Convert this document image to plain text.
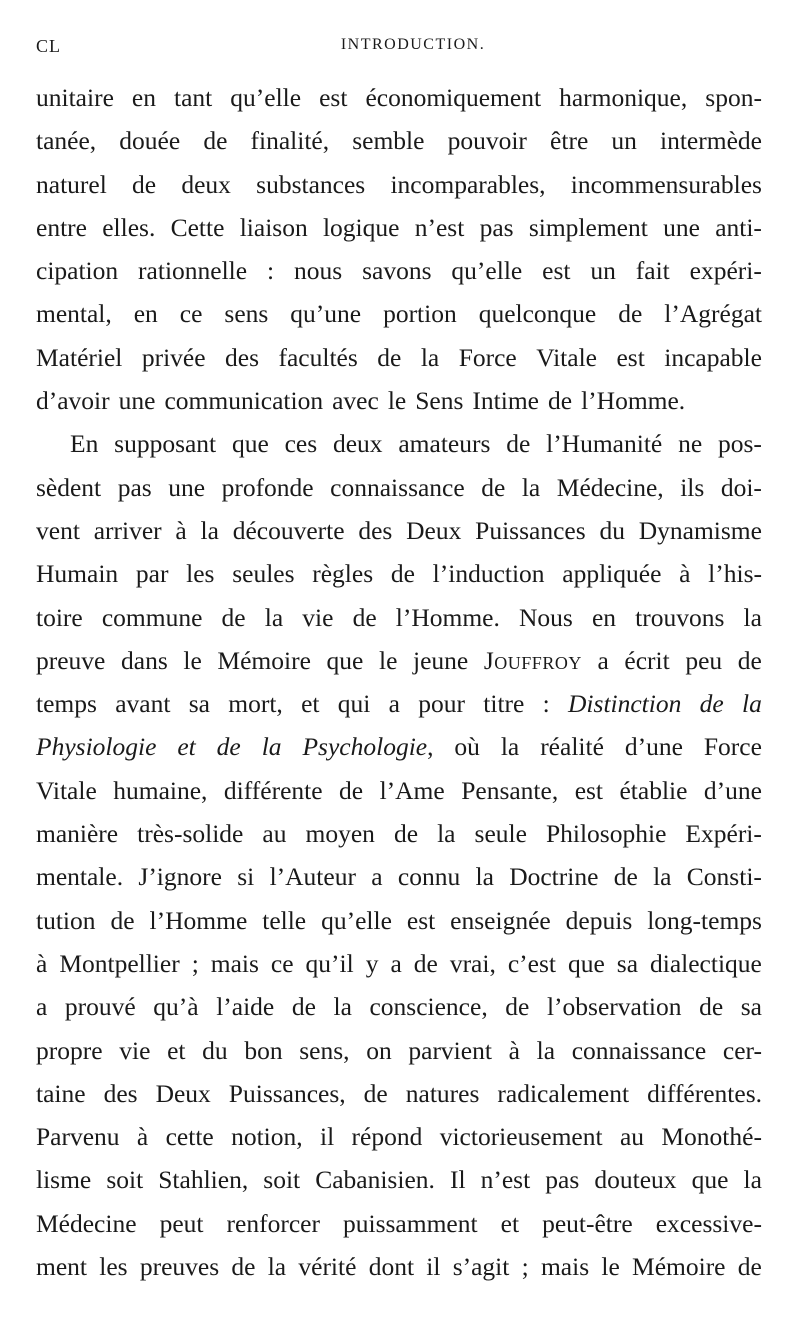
CL	INTRODUCTION.
unitaire en tant qu’elle est économiquement harmonique, spon-
tanée, douée de finalité, semble pouvoir être un intermède
naturel de deux substances incomparables, incommensurables
entre elles. Cette liaison logique n’est pas simplement une anti-
cipation rationnelle : nous savons qu’elle est un fait expéri-
mental, en ce sens qu’une portion quelconque de l’Agrégat
Matériel privée des facultés de la Force Vitale est incapable
d’avoir une communication avec le Sens Intime de l’Homme.
En supposant que ces deux amateurs de l’Humanité ne pos-
sèdent pas une profonde connaissance de la Médecine, ils doi-
vent arriver à la découverte des Deux Puissances du Dynamisme
Humain par les seules règles de l’induction appliquée à l’his-
toire commune de la vie de l’Homme. Nous en trouvons la
preuve dans le Mémoire que le jeune Jouffroy a écrit peu de
temps avant sa mort, et qui a pour titre : Distinction de la
Physiologie et de la Psychologie, où la réalité d’une Force
Vitale humaine, différente de l’Ame Pensante, est établie d’une
manière très-solide au moyen de la seule Philosophie Expéri-
mentale. J’ignore si l’Auteur a connu la Doctrine de la Consti-
tution de l’Homme telle qu’elle est enseignée depuis long-temps
à Montpellier ; mais ce qu’il y a de vrai, c’est que sa dialectique
a prouvé qu’à l’aide de la conscience, de l’observation de sa
propre vie et du bon sens, on parvient à la connaissance cer-
taine des Deux Puissances, de natures radicalement différentes.
Parvenu à cette notion, il répond victorieusement au Monothé-
lisme soit Stahlien, soit Cabanisien. Il n’est pas douteux que la
Médecine peut renforcer puissamment et peut-être excessive-
ment les preuves de la vérité dont il s’agit ; mais le Mémoire de
